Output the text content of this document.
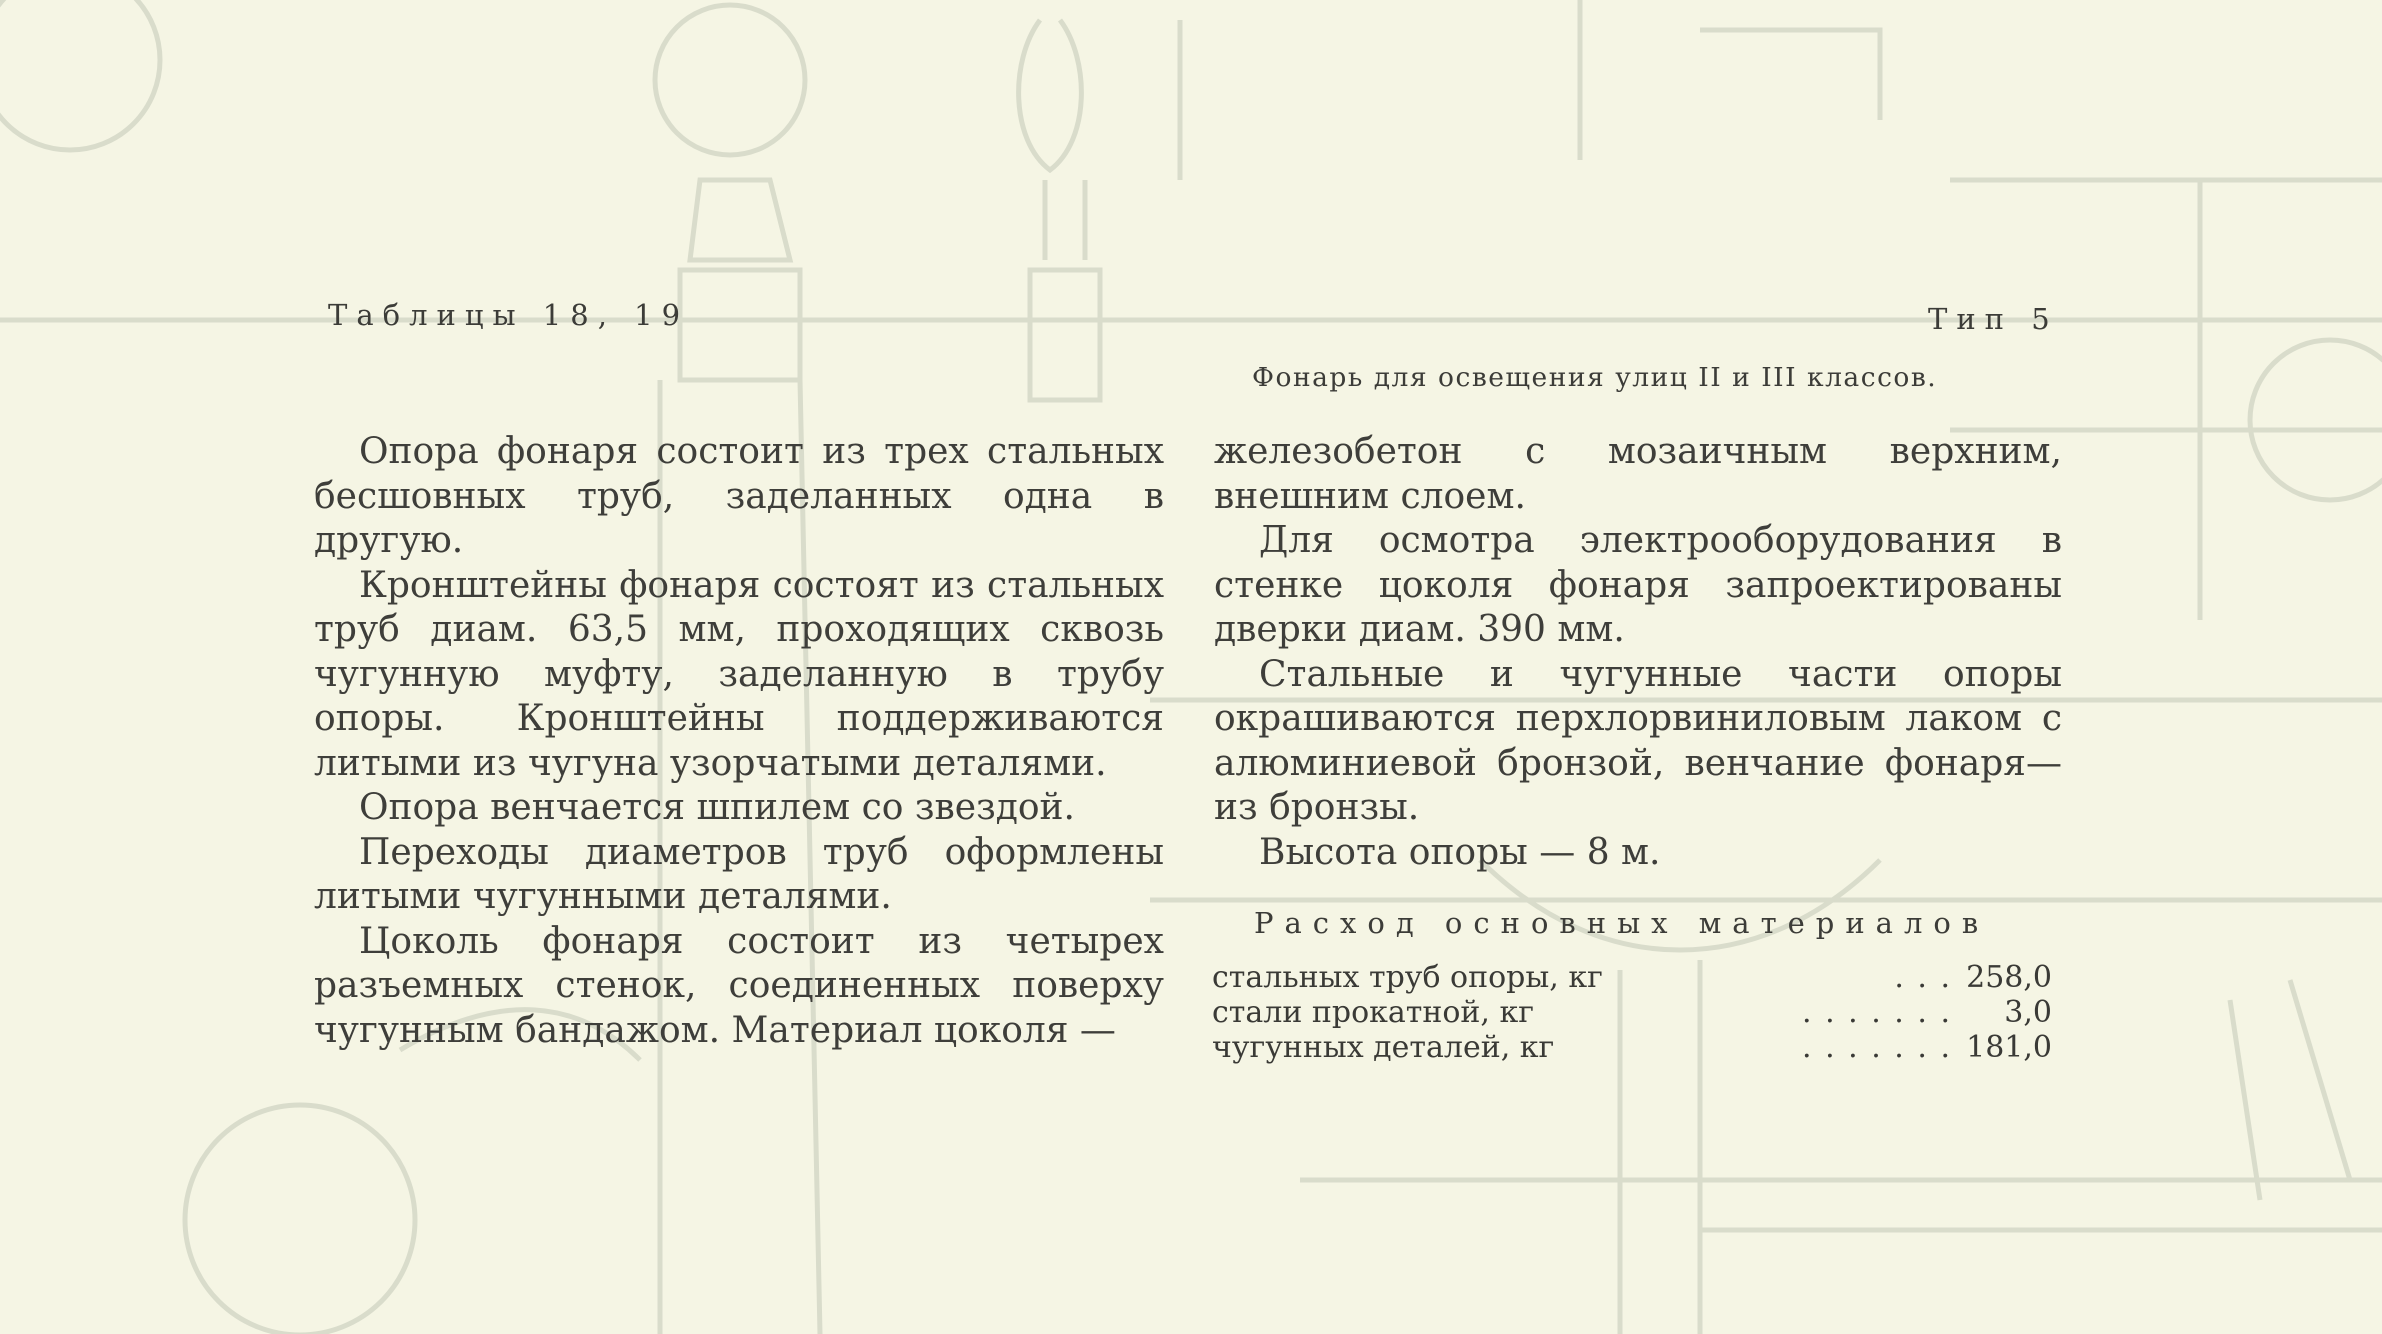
Таблицы 18, 19	Тип 5
Фонарь для освещения улиц II и III классов.

Опора фонаря состоит из трех стальных бесшовных труб, заделанных одна в другую.

Кронштейны фонаря состоят из стальных труб диам. 63,5 мм, проходящих сквозь чугунную муфту, заделанную в трубу опоры. Кронштейны поддерживаются литыми из чугуна узорчатыми деталями.

Опора венчается шпилем со звездой.

Переходы диаметров труб оформлены литыми чугунными деталями.

Цоколь фонаря состоит из четырех разъемных стенок, соединенных поверху чугунным бандажом. Материал цоколя —

железобетон с мозаичным верхним, внешним слоем.

Для осмотра электрооборудования в стенке цоколя фонаря запроектированы дверки диам. 390 мм.

Стальные и чугунные части опоры окрашиваются перхлорвиниловым лаком с алюминиевой бронзой, венчание фонаря— из бронзы.

Высота опоры — 8 м.

Расход основных материалов
стальных труб опоры, кг	. . . 258,0
стали прокатной, кг	. . . . . . . 3,0
чугунных деталей, кг	. . . . . . . 181,0
